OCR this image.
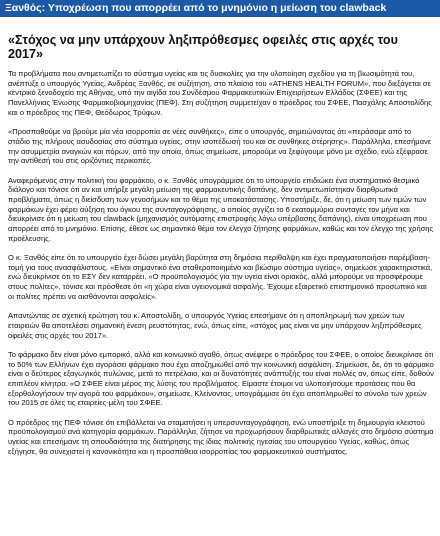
Ξανθός: Υποχρέωση που απορρέει από το μνημόνιο η μείωση του clawback
«Στόχος να μην υπάρχουν ληξιπρόθεσμες οφειλές στις αρχές του 2017»

Τα προβλήματα που αντιμετωπίζει το σύστημα υγείας και τις δυσκολίες για την υλοποίηση σχεδίου για τη βιωσιμότητά του, ανέπτυξε ο υπουργός Υγείας, Ανδρέας Ξανθός, σε συζήτηση, στο πλαίσιο του «ATHENS HEALTH FORUM», που διεξάγεται σε κεντρικό ξενοδοχείο της Αθήνας, υπό την αιγίδα του Συνδέσμου Φαρμακευτικών Επιχειρήσεων Ελλάδος (ΣΦΕΕ) και της Πανελλήνιας Ένωσης Φαρμακοβιομηχανίας (ΠΕΦ). Στη συζήτηση συμμετείχαν ο πρόεδρος του ΣΦΕΕ, Πασχάλης Αποστολίδης και ο πρόεδρος της ΠΕΦ, Θεόδωρος Τρύφων.

«Προσπαθούμε να βρούμε μία νέα ισορροπία σε νέες συνθήκες», είπε ο υπουργός, σημειώνοντας ότι «περάσαμε από το στάδιο της πλήρους ασυδοσίας στο σύστημα υγείας, στην ισοπέδωσή του και σε συνθήκες στέρησης». Παράλληλα, επεσήμανε την ασυμμετρία αναγκών και πόρων, από την οποία, όπως σημείωσε, μπορούμε να ξεφύγουμε μόνο με σχέδιο, ενώ εξέφρασε την αντίθεσή του στις οριζόντιες περικοπές.

Αναφερόμενος στην πολιτική του φαρμάκου, ο κ. Ξανθός υπογράμμισε ότι το υπουργείο επιδιώκει ένα συστηματικό θεσμικό διάλογο και τόνισε ότι αν και υπήρξε μεγάλη μείωση της φαρμακευτικής δαπάνης, δεν αντιμετωπίστηκαν διαρθρωτικά προβλήματα, όπως η διείσδυση των γενοσήμων και το θέμα της υποκατάστασης. Υποστήριξε, δε, ότι η μείωση των τιμών των φαρμάκων έχει φέρει αύξηση του όγκου της συνταγογράφησης, ο οποίος αγγίζει το 6 εκατομμύρια συνταγές τον μήνα και διευκρίνισε ότι η μείωση του clawback (μηχανισμός αυτόματης επιστροφής λόγω υπέρβασης δαπάνης), είναι υποχρέωση που απορρέει από το μνημόνιο. Επίσης, έθεσε ως σημαντικό θέμα τον έλεγχο ζήτησης φαρμάκων, καθώς και τον έλεγχο της χρήσης προέλευσης.

Ο κ. Ξανθός είπε ότι το υπουργείο έχει δώσει μεγάλη βαρύτητα στη δημόσια περίθαλψη και έχει πραγματοποιήσει παρέμβαση-τομή για τους ανασφάλιστους. «Είναι σημαντικό ένα σταθεροποιημένο και βιώσιμο σύστημα υγείας», σημείωσε χαρακτηριστικά, ενώ διευκρίνισε ότι το ΕΣΥ δεν καταρρέει. «Ο προϋπολογισμός για την υγεία είναι οριακός, αλλά μπορούμε να προσφέρουμε στους πολίτες», τόνισε και πρόσθεσε ότι «η χώρα είναι υγειονομικά ασφαλής. Έχουμε εξαιρετικό επιστημονικό προσωπικό και οι πολίτες πρέπει να αισθάνονται ασφαλείς».

Απαντώντας σε σχετική ερώτηση του κ. Αποστολίδη, ο υπουργός Υγείας επεσήμανε ότι η αποπληρωμή των χρεών των εταιρειών θα αποτελέσει σημαντική ένεση ρευστότητας, ενώ, όπως είπε, «στόχος μας είναι να μην υπάρχουν ληξιπρόθεσμες οφειλές στις αρχές του 2017».

Το φάρμακο δεν είναι μόνο εμπορικό, αλλά και κοινωνικό αγαθό, όπως ανέφερε ο πρόεδρος του ΣΦΕΕ, ο οποίος διευκρίνισε ότι το 50% των Ελλήνων έχει αγοράσει φάρμακο που έχει αποζημιωθεί από την κοινωνική ασφάλιση. Σημείωσε, δε, ότι το φάρμακο είναι ο δεύτερος εξαγωγικός πυλώνας, μετά το πετρέλαιο, και οι δυνατότητες ανάπτυξής του είναι πολλές αν, όπως είπε, δοθούν επιπλέον κίνητρα. «Ο ΣΦΕΕ είναι μέρος της λύσης του προβλήματος. Είμαστε έτοιμοι να υλοποιήσουμε προτάσεις που θα εξορθολογήσουν την αγορά του φαρμάκου», σημείωσε. Κλείνοντας, υπογράμμισε ότι έχει αποπληρωθεί το σύνολο των χρεών του 2015 σε όλες τις εταιρείες-μέλη του ΣΦΕΕ.

Ο πρόεδρος της ΠΕΦ τόνισε ότι επιβάλλεται να σταματήσει η υπερσυνταγογράφηση, ενώ υποστήριξε τη δημιουργία κλειστού προϋπολογισμού ανά κατηγορία φαρμάκων. Παράλληλα, ζήτησε να προχωρήσουν διαρθρωτικές αλλαγές στο δημόσιο σύστημα υγείας και επεσήμανε τη σπουδαιότητα της διατήρησης της ίδιας πολιτικής ηγεσίας του υπουργείου Υγείας, καθώς, όπως εξήγησε, θα συνεχιστεί η κανονικότητα και η προσπάθεια ισορροπίας του φαρμακευτικού συστήματος.
